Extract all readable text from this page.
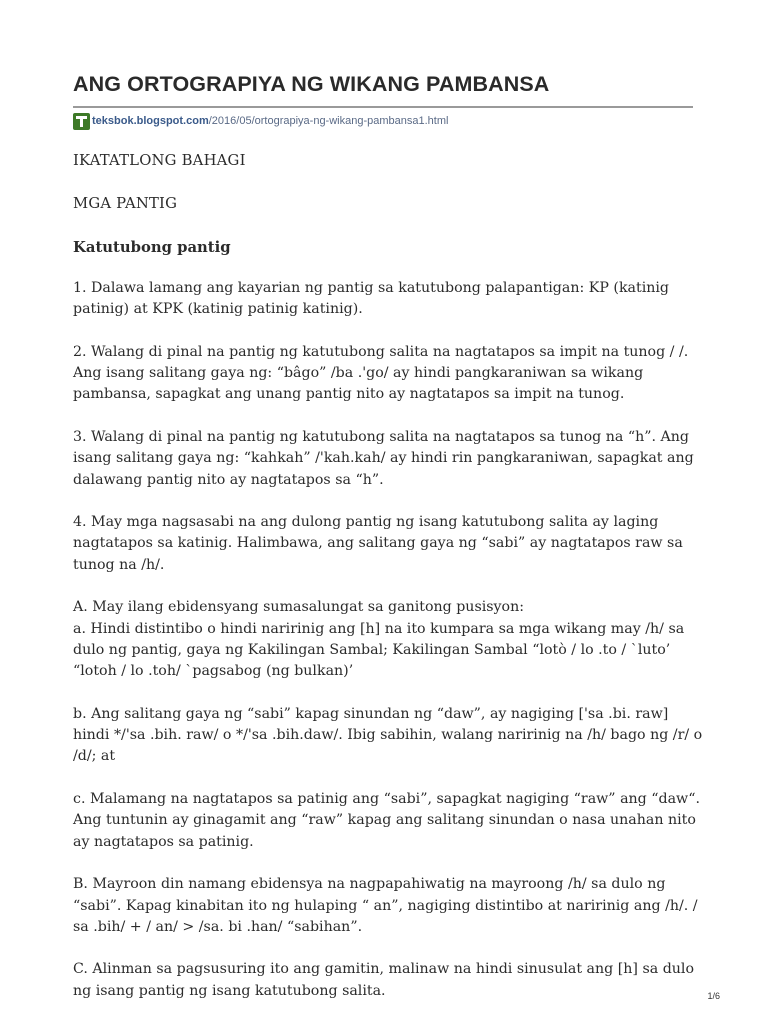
ANG ORTOGRAPIYA NG WIKANG PAMBANSA
teksbok.blogspot.com /2016/05/ortograpiya-ng-wikang-pambansa1.html
IKATATLONG BAHAGI
MGA PANTIG
Katutubong pantig

1. Dalawa lamang ang kayarian ng pantig sa katutubong palapantigan: KP (katinig patinig) at KPK (katinig patinig katinig).

2. Walang di pinal na pantig ng katutubong salita na nagtatapos sa impit na tunog / /. Ang isang salitang gaya ng: “bâgo” /ba .'go/ ay hindi pangkaraniwan sa wikang pambansa, sapagkat ang unang pantig nito ay nagtatapos sa impit na tunog.

3. Walang di pinal na pantig ng katutubong salita na nagtatapos sa tunog na “h”. Ang isang salitang gaya ng: “kahkah” /'kah.kah/ ay hindi rin pangkaraniwan, sapagkat ang dalawang pantig nito ay nagtatapos sa “h”.

4. May mga nagsasabi na ang dulong pantig ng isang katutubong salita ay laging nagtatapos sa katinig. Halimbawa, ang salitang gaya ng “sabi” ay nagtatapos raw sa tunog na /h/.

A. May ilang ebidensyang sumasalungat sa ganitong pusisyon:
a. Hindi distintibo o hindi naririnig ang [h] na ito kumpara sa mga wikang may /h/ sa dulo ng pantig, gaya ng Kakilingan Sambal; Kakilingan Sambal “lotò / lo .to / `luto’ “lotoh / lo .toh/ `pagsabog (ng bulkan)’

b. Ang salitang gaya ng “sabi” kapag sinundan ng “daw”, ay nagiging ['sa .bi. raw] hindi */'sa .bih. raw/ o */'sa .bih.daw/. Ibig sabihin, walang naririnig na /h/ bago ng /r/ o /d/; at

c. Malamang na nagtatapos sa patinig ang “sabi”, sapagkat nagiging “raw” ang “daw“. Ang tuntunin ay ginagamit ang “raw” kapag ang salitang sinundan o nasa unahan nito ay nagtatapos sa patinig.

B. Mayroon din namang ebidensya na nagpapahiwatig na mayroong /h/ sa dulo ng “sabi”. Kapag kinabitan ito ng hulaping “ an”, nagiging distintibo at naririnig ang /h/. / sa .bih/ + / an/ > /sa. bi .han/ “sabihan”.

C. Alinman sa pagsusuring ito ang gamitin, malinaw na hindi sinusulat ang [h] sa dulo ng isang pantig ng isang katutubong salita.	1/6
